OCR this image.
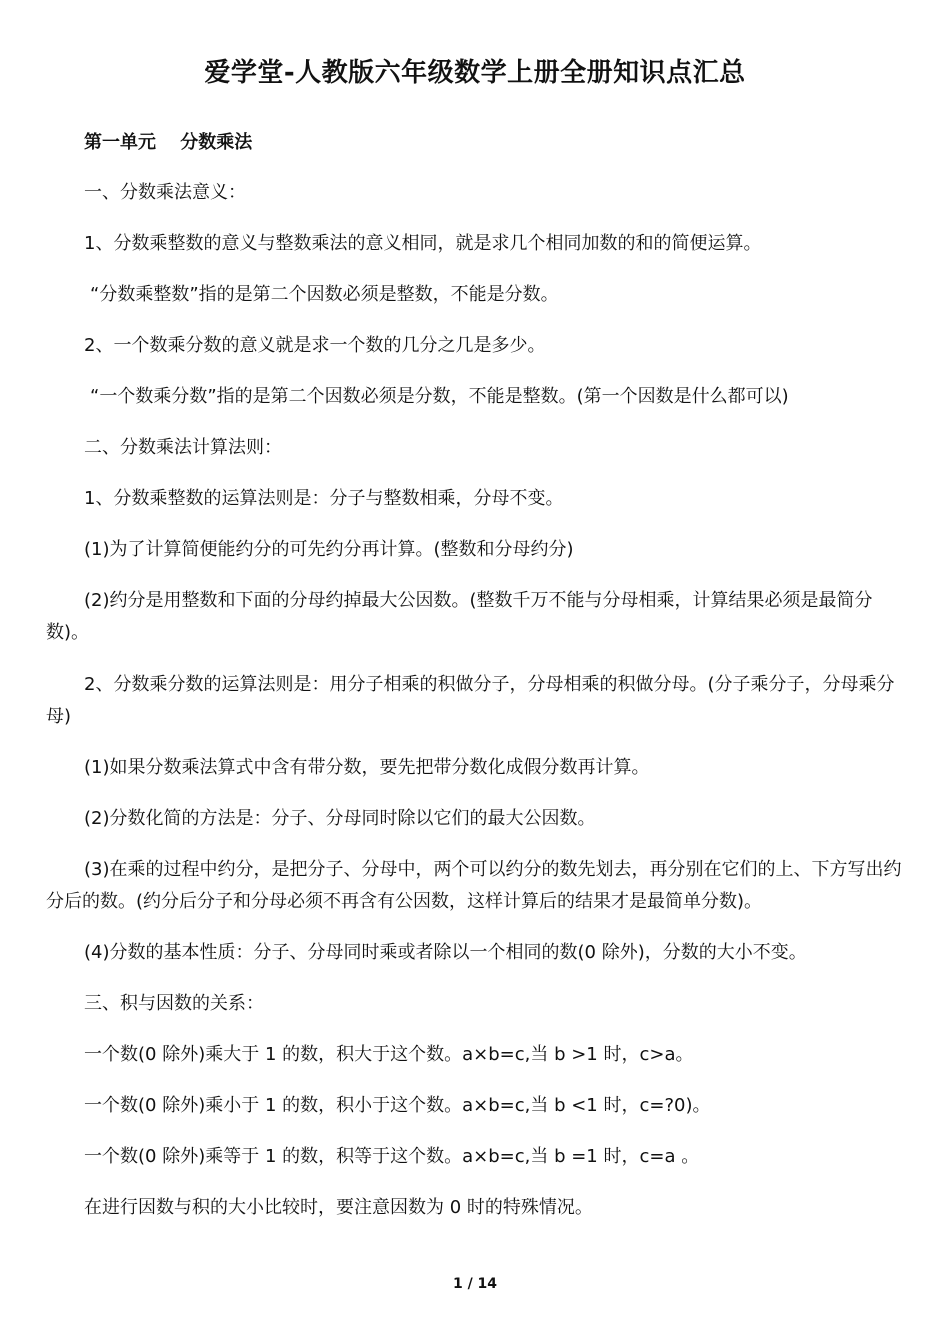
爱学堂-人教版六年级数学上册全册知识点汇总
第一单元　 分数乘法
一、分数乘法意义：
1、分数乘整数的意义与整数乘法的意义相同，就是求几个相同加数的和的简便运算。
“分数乘整数”指的是第二个因数必须是整数，不能是分数。
2、一个数乘分数的意义就是求一个数的几分之几是多少。
“一个数乘分数”指的是第二个因数必须是分数，不能是整数。(第一个因数是什么都可以)
二、分数乘法计算法则：
1、分数乘整数的运算法则是：分子与整数相乘，分母不变。
(1)为了计算简便能约分的可先约分再计算。(整数和分母约分)
(2)约分是用整数和下面的分母约掉最大公因数。(整数千万不能与分母相乘，计算结果必须是最简分数)。
2、分数乘分数的运算法则是：用分子相乘的积做分子，分母相乘的积做分母。(分子乘分子，分母乘分母)
(1)如果分数乘法算式中含有带分数，要先把带分数化成假分数再计算。
(2)分数化简的方法是：分子、分母同时除以它们的最大公因数。
(3)在乘的过程中约分，是把分子、分母中，两个可以约分的数先划去，再分别在它们的上、下方写出约分后的数。(约分后分子和分母必须不再含有公因数，这样计算后的结果才是最简单分数)。
(4)分数的基本性质：分子、分母同时乘或者除以一个相同的数(0 除外)，分数的大小不变。
三、积与因数的关系：
一个数(0 除外)乘大于 1 的数，积大于这个数。a×b=c,当 b >1 时，c>a。
一个数(0 除外)乘小于 1 的数，积小于这个数。a×b=c,当 b <1 时，c=?0)。
一个数(0 除外)乘等于 1 的数，积等于这个数。a×b=c,当 b =1 时，c=a 。
在进行因数与积的大小比较时，要注意因数为 0 时的特殊情况。
1 / 14
